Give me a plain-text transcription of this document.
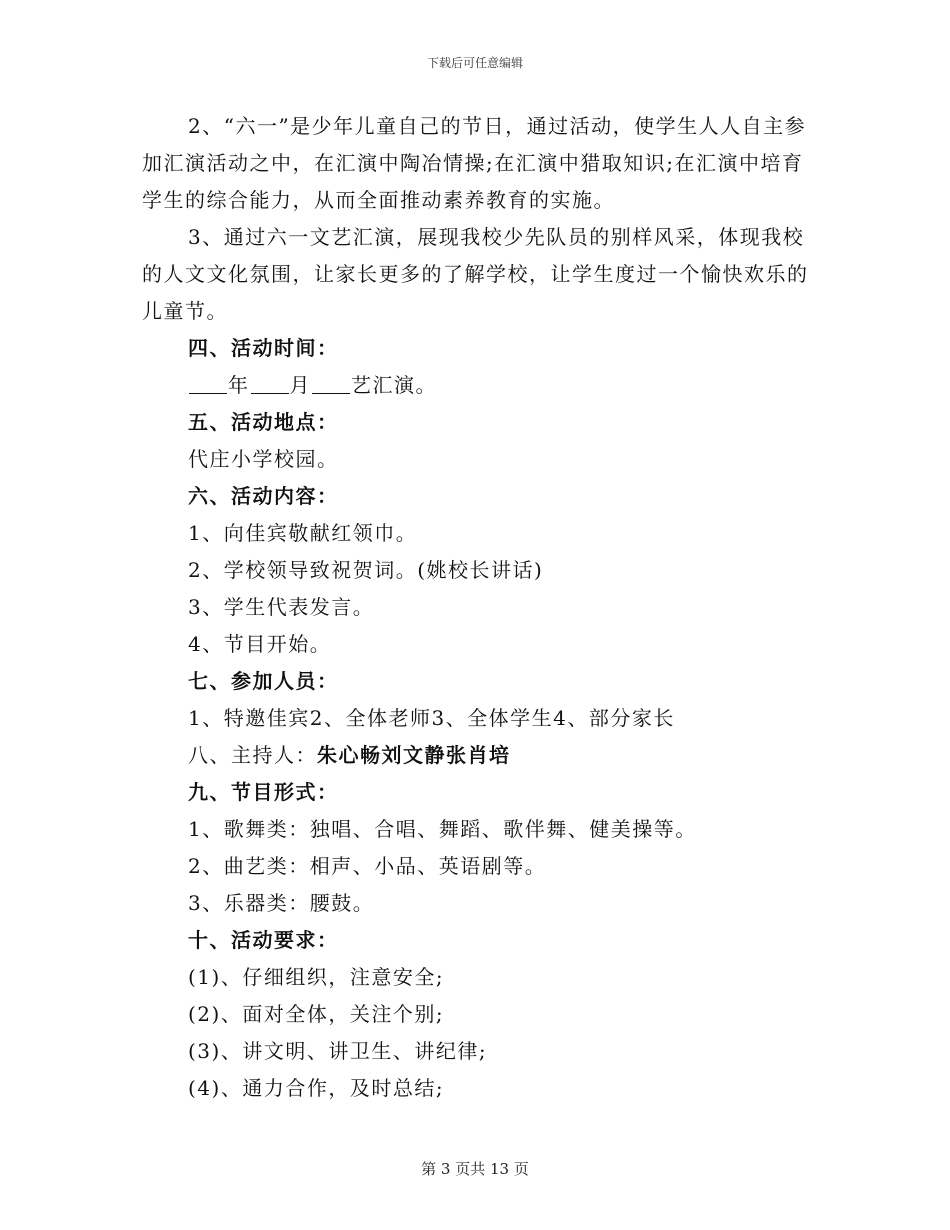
下载后可任意编辑

2、“六一”是少年儿童自己的节日，通过活动，使学生人人自主参加汇演活动之中，在汇演中陶冶情操;在汇演中猎取知识;在汇演中培育学生的综合能力，从而全面推动素养教育的实施。

3、通过六一文艺汇演，展现我校少先队员的别样风采，体现我校的人文文化氛围，让家长更多的了解学校，让学生度过一个愉快欢乐的儿童节。

四、活动时间：

年 月 艺汇演。

五、活动地点：

代庄小学校园。

六、活动内容：

1、向佳宾敬献红领巾。

2、学校领导致祝贺词。(姚校长讲话)

3、学生代表发言。

4、节目开始。

七、参加人员：

1、特邀佳宾2、全体老师3、全体学生4、部分家长

八、主持人：朱心畅刘文静张肖培

九、节目形式：

1、歌舞类：独唱、合唱、舞蹈、歌伴舞、健美操等。

2、曲艺类：相声、小品、英语剧等。

3、乐器类：腰鼓。

十、活动要求：

(1)、仔细组织，注意安全;

(2)、面对全体，关注个别;

(3)、讲文明、讲卫生、讲纪律;

(4)、通力合作，及时总结;

第 3 页共 13 页
